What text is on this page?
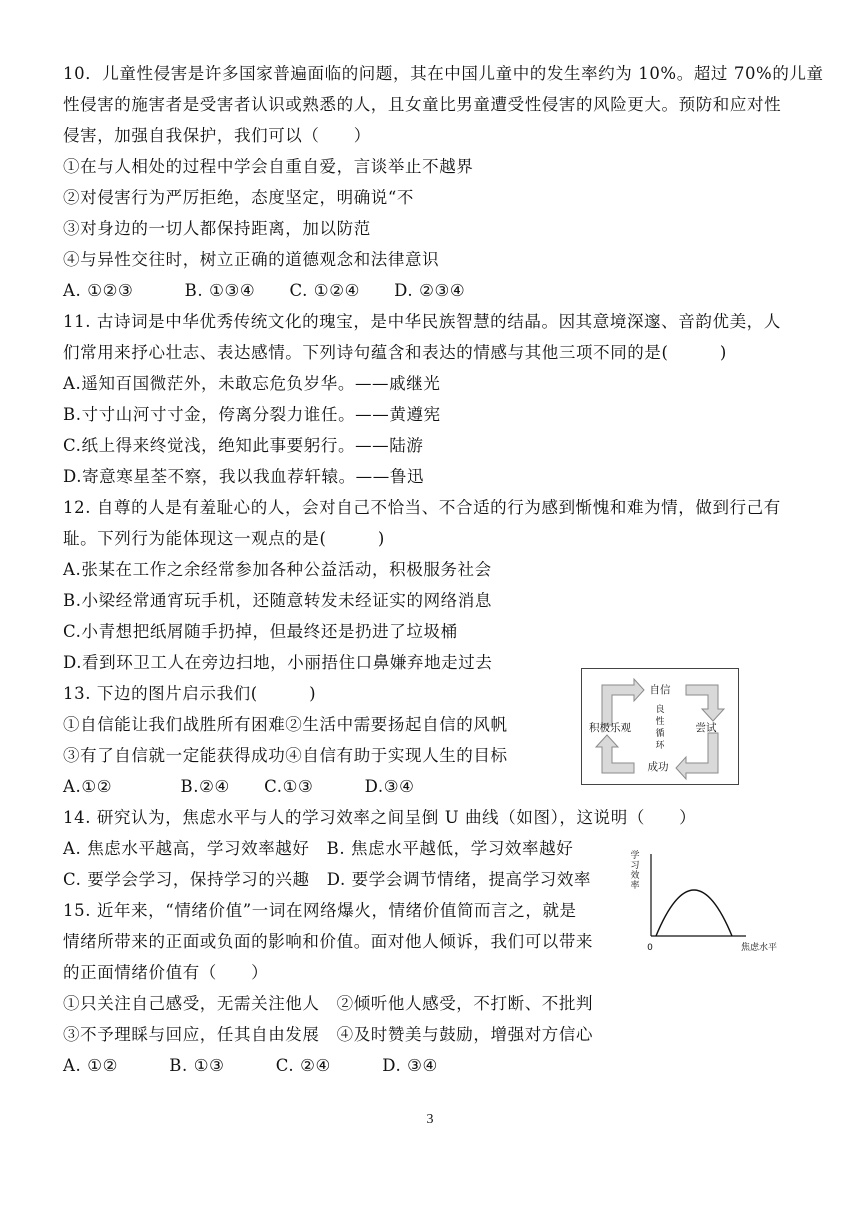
10．儿童性侵害是许多国家普遍面临的问题，其在中国儿童中的发生率约为 10%。超过 70%的儿童
性侵害的施害者是受害者认识或熟悉的人，且女童比男童遭受性侵害的风险更大。预防和应对性
侵害，加强自我保护，我们可以（　　）
①在与人相处的过程中学会自重自爱，言谈举止不越界
②对侵害行为严厉拒绝，态度坚定，明确说“不
③对身边的一切人都保持距离，加以防范
④与异性交往时，树立正确的道德观念和法律意识
A. ①②③　　　B. ①③④　　C. ①②④　　D. ②③④
11. 古诗词是中华优秀传统文化的瑰宝，是中华民族智慧的结晶。因其意境深邃、音韵优美，人
们常用来抒心壮志、表达感情。下列诗句蕴含和表达的情感与其他三项不同的是(　　　)
A.遥知百国微茫外，未敢忘危负岁华。——戚继光
B.寸寸山河寸寸金，侉离分裂力谁任。——黄遵宪
C.纸上得来终觉浅，绝知此事要躬行。——陆游
D.寄意寒星荃不察，我以我血荐轩辕。——鲁迅
12. 自尊的人是有羞耻心的人，会对自己不恰当、不合适的行为感到惭愧和难为情，做到行己有
耻。下列行为能体现这一观点的是(　　　)
A.张某在工作之余经常参加各种公益活动，积极服务社会
B.小梁经常通宵玩手机，还随意转发未经证实的网络消息
C.小青想把纸屑随手扔掉，但最终还是扔进了垃圾桶
D.看到环卫工人在旁边扫地，小丽捂住口鼻嫌弃地走过去
13. 下边的图片启示我们(　　　)
①自信能让我们战胜所有困难②生活中需要扬起自信的风帆
③有了自信就一定能获得成功④自信有助于实现人生的目标
A.①②　　　　B.②④　　C.①③　　　D.③④
14. 研究认为，焦虑水平与人的学习效率之间呈倒 U 曲线（如图），这说明（　　）
A. 焦虑水平越高，学习效率越好　B. 焦虑水平越低，学习效率越好
C. 要学会学习，保持学习的兴趣　D. 要学会调节情绪，提高学习效率
15. 近年来，“情绪价值”一词在网络爆火，情绪价值简而言之，就是
情绪所带来的正面或负面的影响和价值。面对他人倾诉，我们可以带来
的正面情绪价值有（　　）
①只关注自己感受，无需关注他人　②倾听他人感受，不打断、不批判
③不予理睬与回应，任其自由发展　④及时赞美与鼓励，增强对方信心
A. ①②　　　B. ①③　　　C. ②④　　　D. ③④
自信
尝试
成功
积极乐观
良
性
循
环
学
习
效
率
0	焦虑水平
3
